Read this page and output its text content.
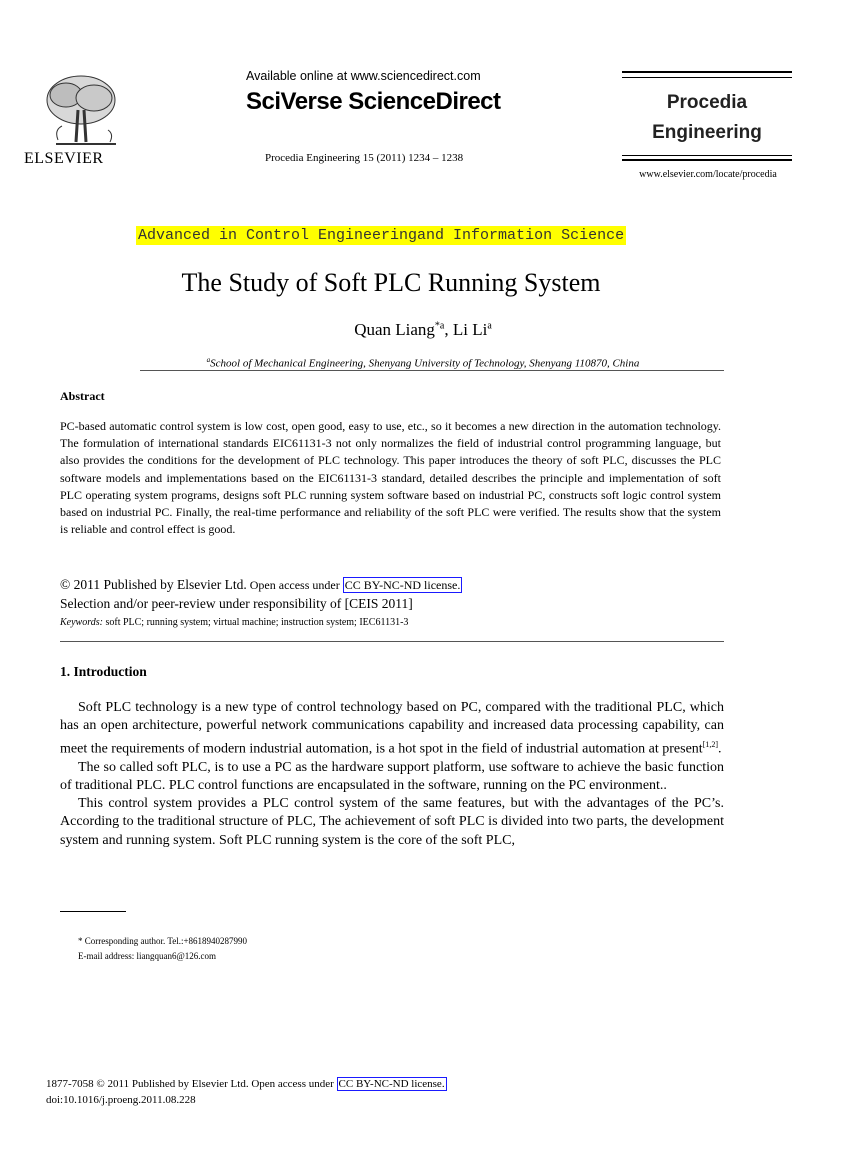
ELSEVIER
Available online at www.sciencedirect.com
SciVerse ScienceDirect
Procedia Engineering 15 (2011) 1234 – 1238
Procedia
Engineering
www.elsevier.com/locate/procedia
Advanced in Control Engineeringand Information Science
The Study of Soft PLC Running System
Quan Liang$^{*a}$, Li Li$^a$
$^a$School of Mechanical Engineering, Shenyang University of Technology, Shenyang 110870, China
Abstract
PC-based automatic control system is low cost, open good, easy to use, etc., so it becomes a new direction in the automation technology. The formulation of international standards EIC61131-3 not only normalizes the field of industrial control programming language, but also provides the conditions for the development of PLC technology. This paper introduces the theory of soft PLC, discusses the PLC software models and implementations based on the EIC61131-3 standard, detailed describes the principle and implementation of soft PLC operating system programs, designs soft PLC running system software based on industrial PC, constructs soft logic control system based on industrial PC. Finally, the real-time performance and reliability of the soft PLC were verified. The results show that the system is reliable and control effect is good.
© 2011 Published by Elsevier Ltd. Open access under CC BY-NC-ND license.
Selection and/or peer-review under responsibility of [CEIS 2011]
Keywords: soft PLC; running system; virtual machine; instruction system; IEC61131-3
1. Introduction

Soft PLC technology is a new type of control technology based on PC, compared with the traditional PLC, which has an open architecture, powerful network communications capability and increased data processing capability, can meet the requirements of modern industrial automation, is a hot spot in the field of industrial automation at present[1,2].

The so called soft PLC, is to use a PC as the hardware support platform, use software to achieve the basic function of traditional PLC. PLC control functions are encapsulated in the software, running on the PC environment..

This control system provides a PLC control system of the same features, but with the advantages of the PC’s. According to the traditional structure of PLC, The achievement of soft PLC is divided into two parts, the development system and running system. Soft PLC running system is the core of the soft PLC,

* Corresponding author. Tel.:+8618940287990
E-mail address: liangquan6@126.com
1877-7058 © 2011 Published by Elsevier Ltd. Open access under CC BY-NC-ND license.
doi:10.1016/j.proeng.2011.08.228
